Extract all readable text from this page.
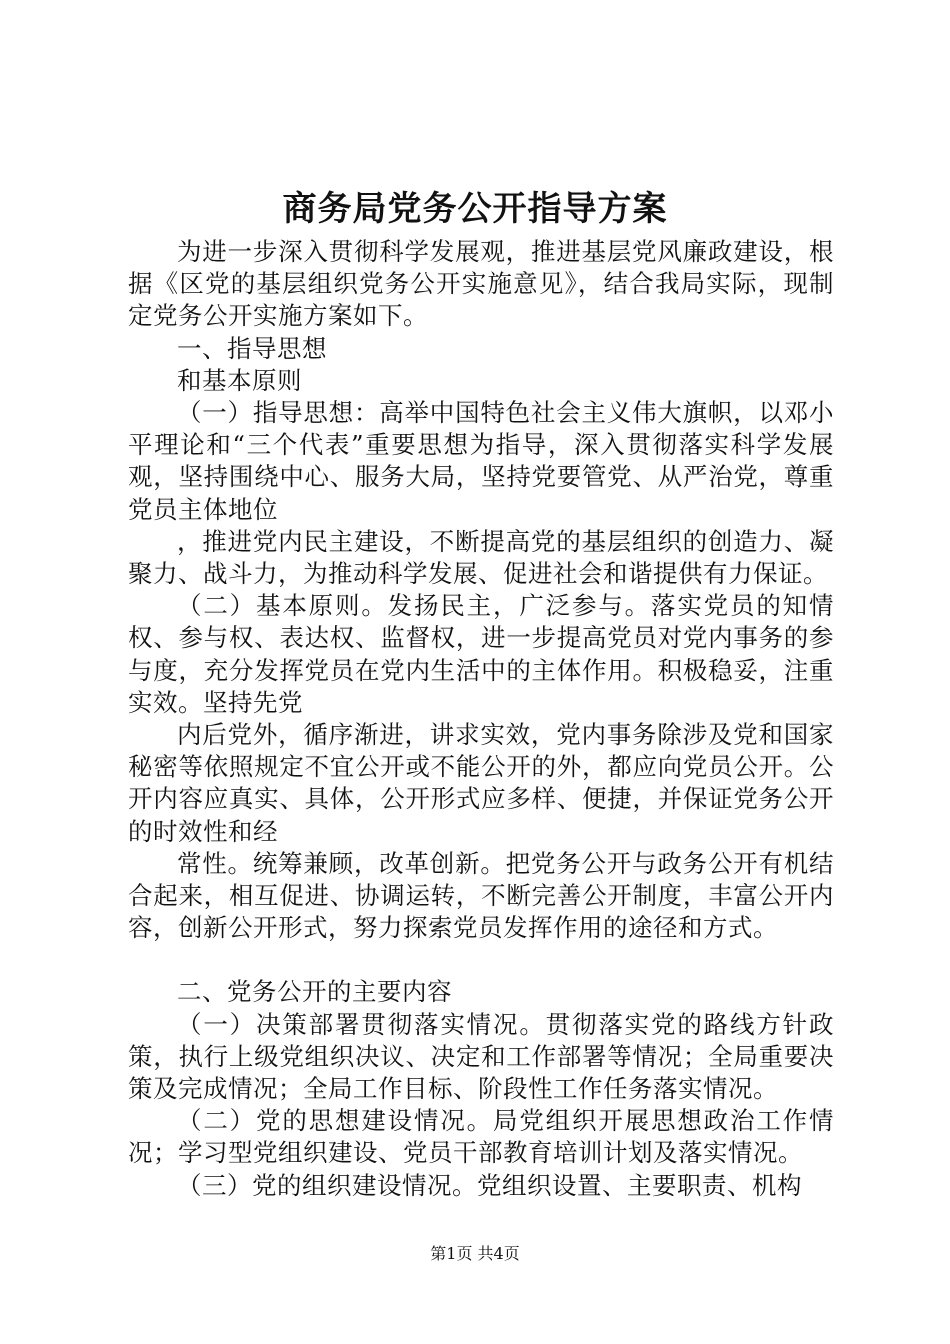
商务局党务公开指导方案

为进一步深入贯彻科学发展观，推进基层党风廉政建设，根据《区党的基层组织党务公开实施意见》，结合我局实际，现制定党务公开实施方案如下。

一、指导思想

和基本原则

（一）指导思想：高举中国特色社会主义伟大旗帜，以邓小平理论和“三个代表”重要思想为指导，深入贯彻落实科学发展观，坚持围绕中心、服务大局，坚持党要管党、从严治党，尊重党员主体地位

，推进党内民主建设，不断提高党的基层组织的创造力、凝聚力、战斗力，为推动科学发展、促进社会和谐提供有力保证。

（二）基本原则。发扬民主，广泛参与。落实党员的知情权、参与权、表达权、监督权，进一步提高党员对党内事务的参与度，充分发挥党员在党内生活中的主体作用。积极稳妥，注重实效。坚持先党

内后党外，循序渐进，讲求实效，党内事务除涉及党和国家秘密等依照规定不宜公开或不能公开的外，都应向党员公开。公开内容应真实、具体，公开形式应多样、便捷，并保证党务公开的时效性和经

常性。统筹兼顾，改革创新。把党务公开与政务公开有机结合起来，相互促进、协调运转，不断完善公开制度，丰富公开内容，创新公开形式，努力探索党员发挥作用的途径和方式。

二、党务公开的主要内容

（一）决策部署贯彻落实情况。贯彻落实党的路线方针政策，执行上级党组织决议、决定和工作部署等情况；全局重要决策及完成情况；全局工作目标、阶段性工作任务落实情况。

（二）党的思想建设情况。局党组织开展思想政治工作情况；学习型党组织建设、党员干部教育培训计划及落实情况。

（三）党的组织建设情况。党组织设置、主要职责、机构

第1页 共4页
